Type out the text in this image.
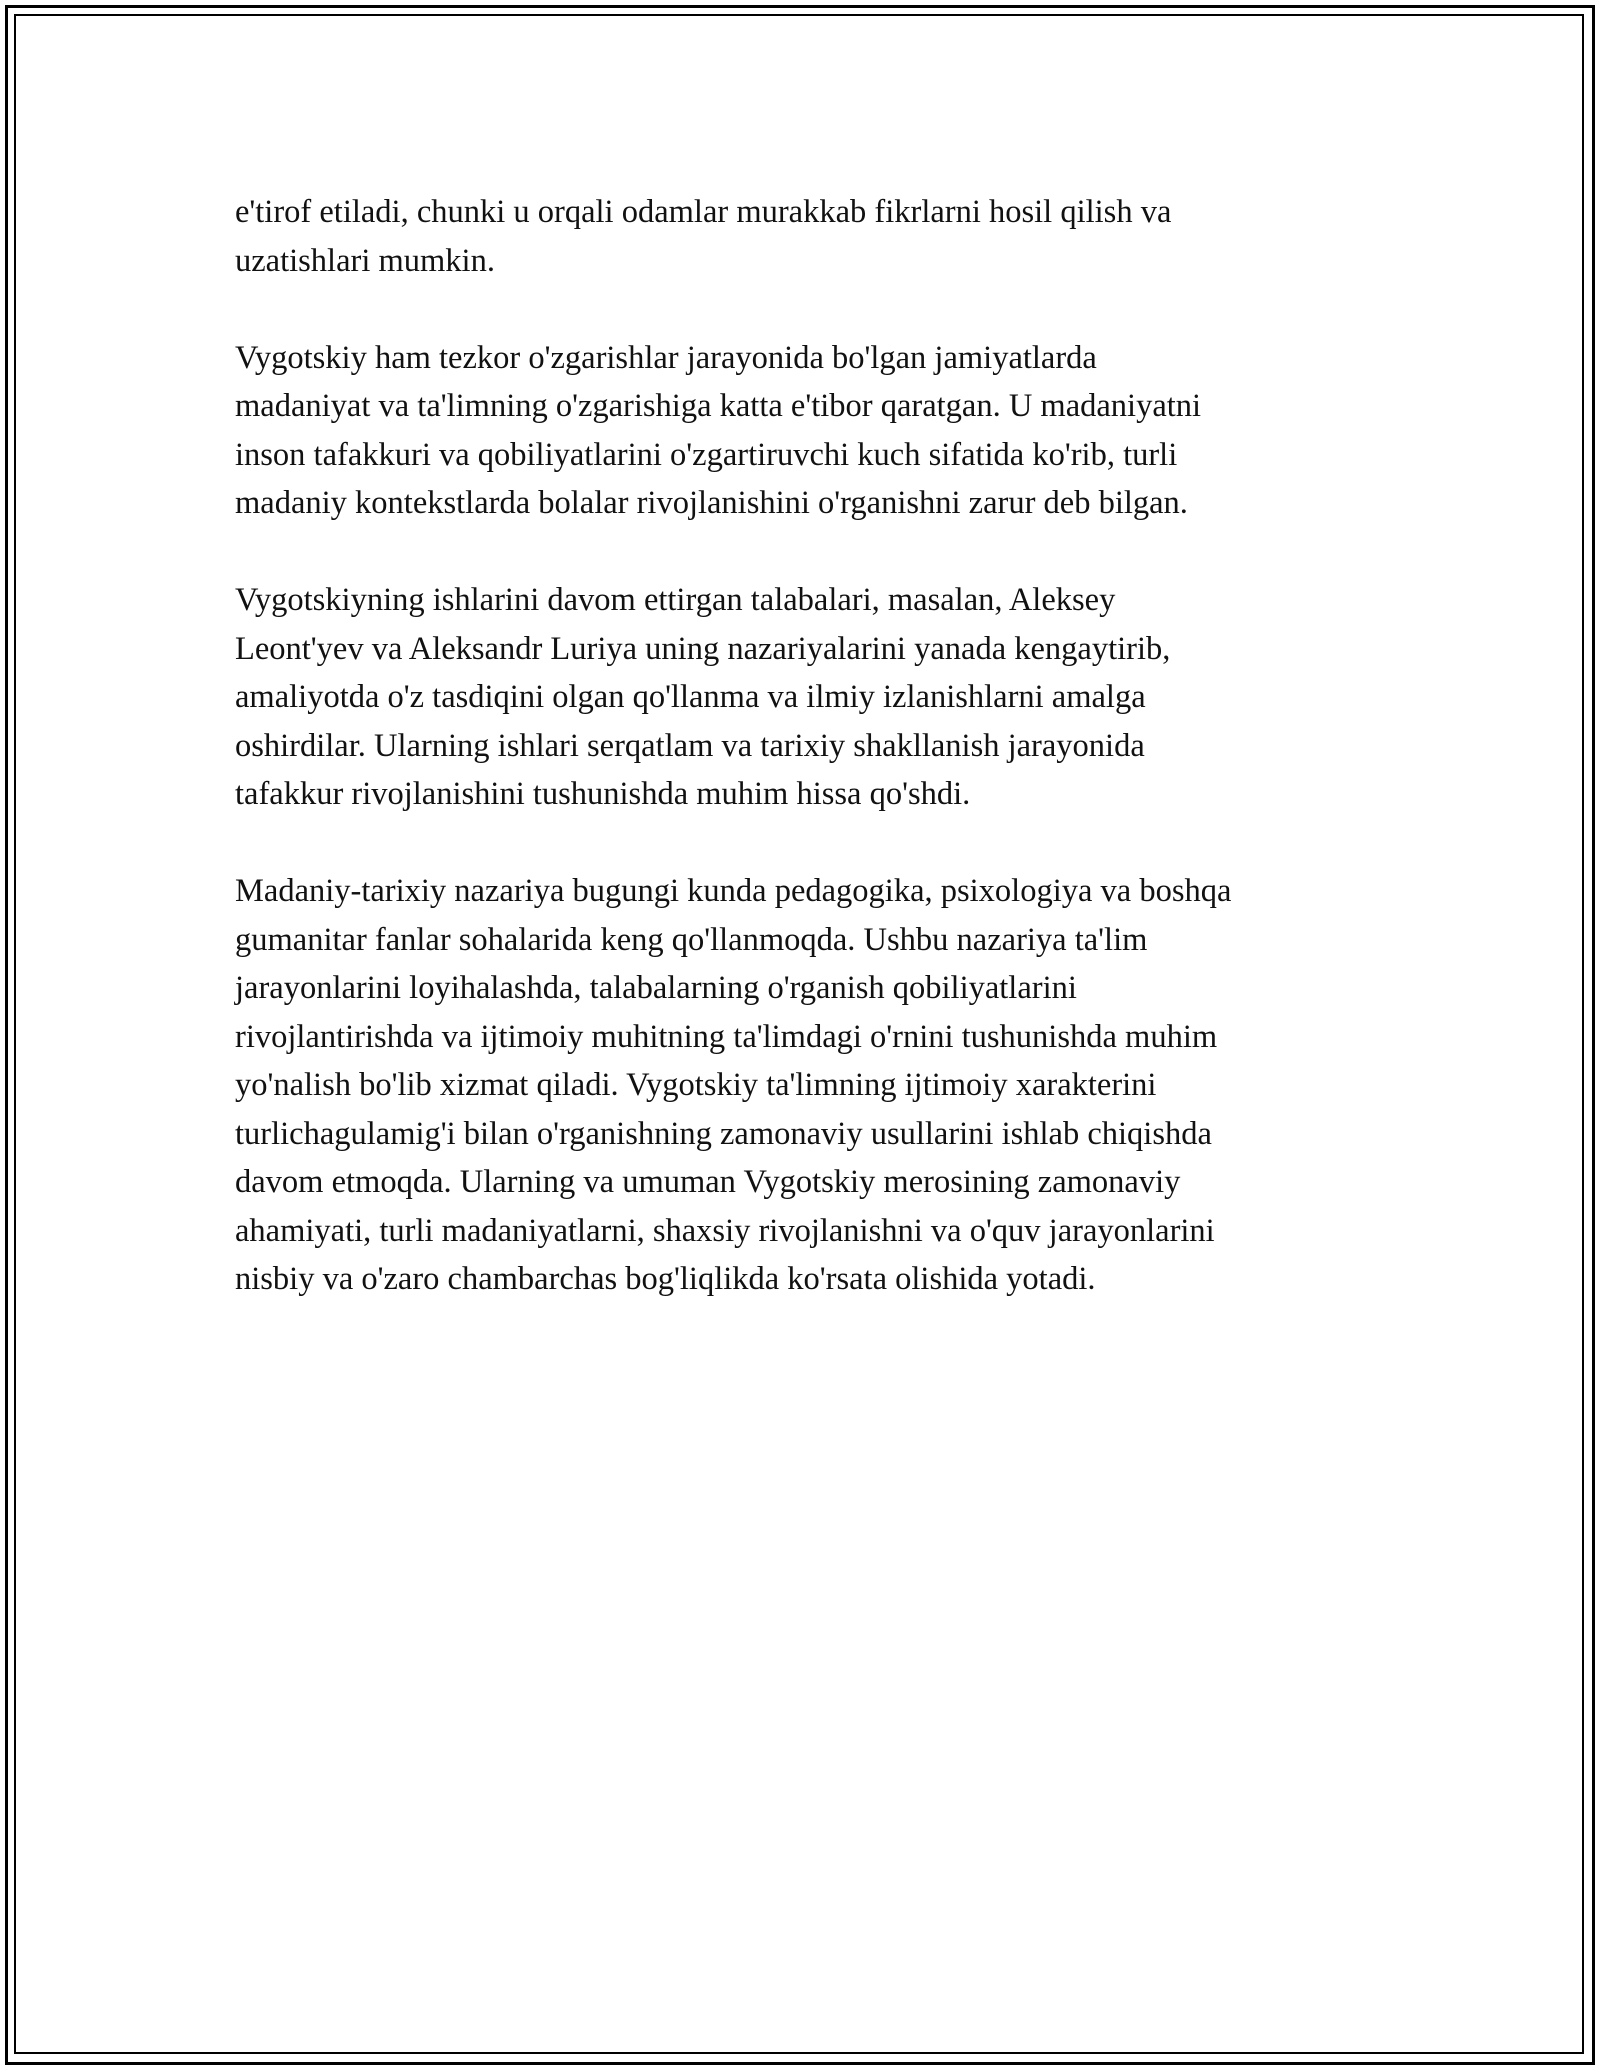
e'tirof etiladi, chunki u orqali odamlar murakkab fikrlarni hosil qilish va
uzatishlari mumkin.

Vygotskiy ham tezkor o'zgarishlar jarayonida bo'lgan jamiyatlarda
madaniyat va ta'limning o'zgarishiga katta e'tibor qaratgan. U madaniyatni
inson tafakkuri va qobiliyatlarini o'zgartiruvchi kuch sifatida ko'rib, turli
madaniy kontekstlarda bolalar rivojlanishini o'rganishni zarur deb bilgan.

Vygotskiyning ishlarini davom ettirgan talabalari, masalan, Aleksey
Leont'yev va Aleksandr Luriya uning nazariyalarini yanada kengaytirib,
amaliyotda o'z tasdiqini olgan qo'llanma va ilmiy izlanishlarni amalga
oshirdilar. Ularning ishlari serqatlam va tarixiy shakllanish jarayonida
tafakkur rivojlanishini tushunishda muhim hissa qo'shdi.

Madaniy-tarixiy nazariya bugungi kunda pedagogika, psixologiya va boshqa
gumanitar fanlar sohalarida keng qo'llanmoqda. Ushbu nazariya ta'lim
jarayonlarini loyihalashda, talabalarning o'rganish qobiliyatlarini
rivojlantirishda va ijtimoiy muhitning ta'limdagi o'rnini tushunishda muhim
yo'nalish bo'lib xizmat qiladi. Vygotskiy ta'limning ijtimoiy xarakterini
turlichagulamig'i bilan o'rganishning zamonaviy usullarini ishlab chiqishda
davom etmoqda. Ularning va umuman Vygotskiy merosining zamonaviy
ahamiyati, turli madaniyatlarni, shaxsiy rivojlanishni va o'quv jarayonlarini
nisbiy va o'zaro chambarchas bog'liqlikda ko'rsata olishida yotadi.
